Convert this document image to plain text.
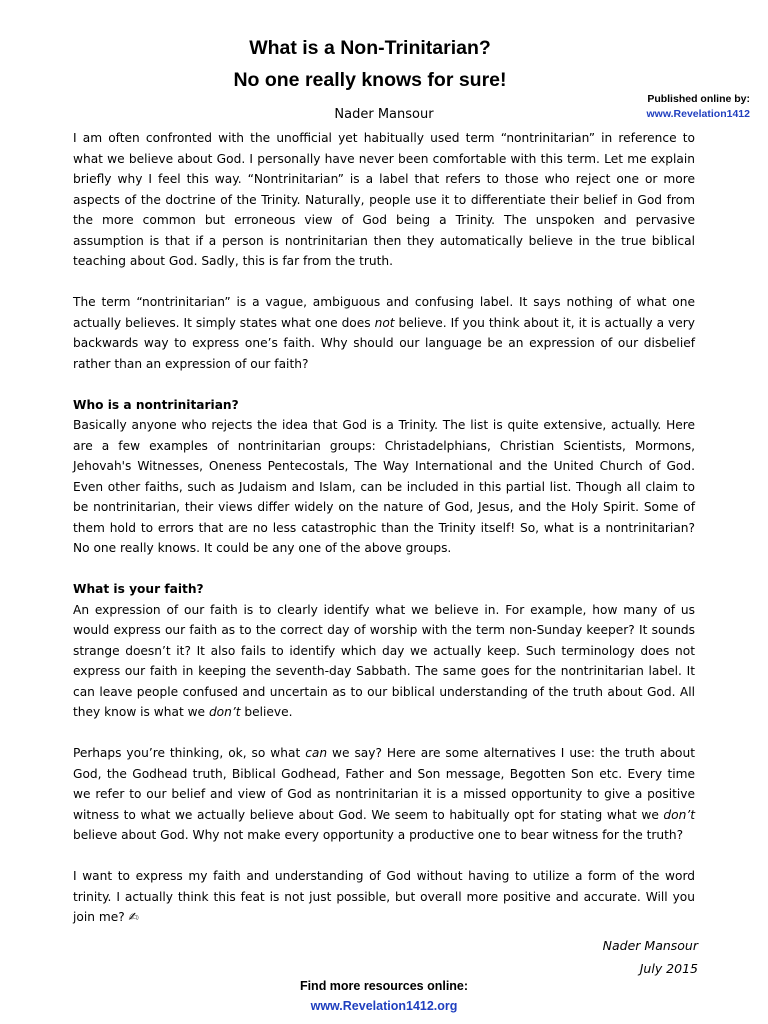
What is a Non-Trinitarian?
No one really knows for sure!
Published online by:
www.Revelation1412
Nader Mansour

I am often confronted with the unofficial yet habitually used term “nontrinitarian” in reference to what we believe about God. I personally have never been comfortable with this term. Let me explain briefly why I feel this way. “Nontrinitarian” is a label that refers to those who reject one or more aspects of the doctrine of the Trinity. Naturally, people use it to differentiate their belief in God from the more common but erroneous view of God being a Trinity. The unspoken and pervasive assumption is that if a person is nontrinitarian then they automatically believe in the true biblical teaching about God. Sadly, this is far from the truth.

The term “nontrinitarian” is a vague, ambiguous and confusing label. It says nothing of what one actually believes. It simply states what one does not believe. If you think about it, it is actually a very backwards way to express one’s faith. Why should our language be an expression of our disbelief rather than an expression of our faith?

Who is a nontrinitarian?

Basically anyone who rejects the idea that God is a Trinity. The list is quite extensive, actually. Here are a few examples of nontrinitarian groups: Christadelphians, Christian Scientists, Mormons, Jehovah's Witnesses, Oneness Pentecostals, The Way International and the United Church of God. Even other faiths, such as Judaism and Islam, can be included in this partial list. Though all claim to be nontrinitarian, their views differ widely on the nature of God, Jesus, and the Holy Spirit. Some of them hold to errors that are no less catastrophic than the Trinity itself! So, what is a nontrinitarian? No one really knows. It could be any one of the above groups.

What is your faith?

An expression of our faith is to clearly identify what we believe in. For example, how many of us would express our faith as to the correct day of worship with the term non-Sunday keeper? It sounds strange doesn’t it? It also fails to identify which day we actually keep. Such terminology does not express our faith in keeping the seventh-day Sabbath. The same goes for the nontrinitarian label. It can leave people confused and uncertain as to our biblical understanding of the truth about God. All they know is what we don’t believe.

Perhaps you’re thinking, ok, so what can we say? Here are some alternatives I use: the truth about God, the Godhead truth, Biblical Godhead, Father and Son message, Begotten Son etc. Every time we refer to our belief and view of God as nontrinitarian it is a missed opportunity to give a positive witness to what we actually believe about God. We seem to habitually opt for stating what we don’t believe about God. Why not make every opportunity a productive one to bear witness for the truth?

I want to express my faith and understanding of God without having to utilize a form of the word trinity. I actually think this feat is not just possible, but overall more positive and accurate. Will you join me? ✍

Nader Mansour
July 2015
Find more resources online:
www.Revelation1412.org
